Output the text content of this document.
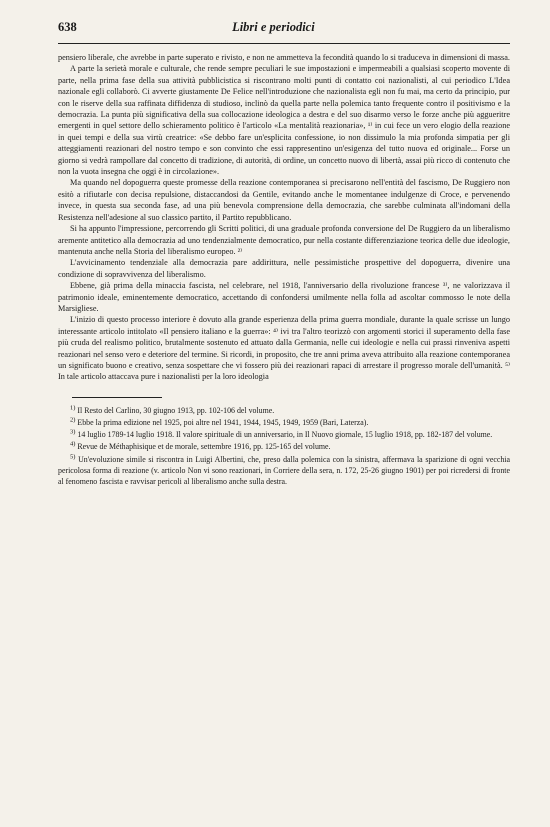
638	Libri e periodici

pensiero liberale, che avrebbe in parte superato e rivisto, e non ne ammetteva la fecondità quando lo si traduceva in dimensioni di massa.

A parte la serietà morale e culturale, che rende sempre peculiari le sue impostazioni e impermeabili a qualsiasi scoperto movente di parte, nella prima fase della sua attività pubblicistica si riscontrano molti punti di contatto coi nazionalisti, al cui periodico L'Idea nazionale egli collaborò. Ci avverte giustamente De Felice nell'introduzione che nazionalista egli non fu mai, ma certo da principio, pur con le riserve della sua raffinata diffidenza di studioso, inclinò da quella parte nella polemica tanto frequente contro il positivismo e la democrazia. La punta più significativa della sua collocazione ideologica a destra e del suo disarmo verso le forze anche più aggueritre emergenti in quel settore dello schieramento politico è l'articolo «La mentalità reazionaria», ¹⁾ in cui fece un vero elogio della reazione in quei tempi e della sua virtù creatrice: «Se debbo fare un'esplicita confessione, io non dissimulo la mia profonda simpatia per gli atteggiamenti reazionari del nostro tempo e son convinto che essi rappresentino un'esigenza del tutto nuova ed originale... Forse un giorno si vedrà rampollare dal concetto di tradizione, di autorità, di ordine, un concetto nuovo di libertà, assai più ricco di contenuto che non la vuota insegna che oggi è in circolazione».

Ma quando nel dopoguerra queste promesse della reazione contemporanea si precisarono nell'entità del fascismo, De Ruggiero non esitò a rifiutarle con decisa repulsione, distaccandosi da Gentile, evitando anche le momentanee indulgenze di Croce, e pervenendo invece, in questa sua seconda fase, ad una più benevola comprensione della democrazia, che sarebbe culminata all'indomani della Resistenza nell'adesione al suo classico partito, il Partito repubblicano.

Si ha appunto l'impressione, percorrendo gli Scritti politici, di una graduale profonda conversione del De Ruggiero da un liberalismo aremente antitetico alla democrazia ad uno tendenzialmente democratico, pur nella costante differenziazione teorica delle due ideologie, mantenuta anche nella Storia del liberalismo europeo. ²⁾

L'avvicinamento tendenziale alla democrazia pare addirittura, nelle pessimistiche prospettive del dopoguerra, divenire una condizione di sopravvivenza del liberalismo.

Ebbene, già prima della minaccia fascista, nel celebrare, nel 1918, l'anniversario della rivoluzione francese ³⁾, ne valorizzava il patrimonio ideale, eminentemente democratico, accettando di confondersi umilmente nella folla ad ascoltar commosso le note della Marsigliese.

L'inizio di questo processo interiore è dovuto alla grande esperienza della prima guerra mondiale, durante la quale scrisse un lungo interessante articolo intitolato «Il pensiero italiano e la guerra»: ⁴⁾ ivi tra l'altro teorizzò con argomenti storici il superamento della fase più cruda del realismo politico, brutalmente sostenuto ed attuato dalla Germania, nelle cui ideologie e nella cui prassi rinveniva aspetti reazionari nel senso vero e deteriore del termine. Si ricordi, in proposito, che tre anni prima aveva attribuito alla reazione contemporanea un significato buono e creativo, senza sospettare che vi fossero più dei reazionari rapaci di arrestare il progresso morale dell'umanità. ⁵⁾ In tale articolo attaccava pure i nazionalisti per la loro ideologia

$^{1)}$ Il Resto del Carlino, 30 giugno 1913, pp. 102-106 del volume.

$^{2)}$ Ebbe la prima edizione nel 1925, poi altre nel 1941, 1944, 1945, 1949, 1959 (Bari, Laterza).

$^{3)}$ 14 luglio 1789-14 luglio 1918. Il valore spirituale di un anniversario, in Il Nuovo giornale, 15 luglio 1918, pp. 182-187 del volume.

$^{4)}$ Revue de Méthaphisique et de morale, settembre 1916, pp. 125-165 del volume.

$^{5)}$ Un'evoluzione simile si riscontra in Luigi Albertini, che, preso dalla polemica con la sinistra, affermava la sparizione di ogni vecchia pericolosa forma di reazione (v. articolo Non vi sono reazionari, in Corriere della sera, n. 172, 25-26 giugno 1901) per poi ricredersi di fronte al fenomeno fascista e ravvisar pericoli al liberalismo anche sulla destra.
